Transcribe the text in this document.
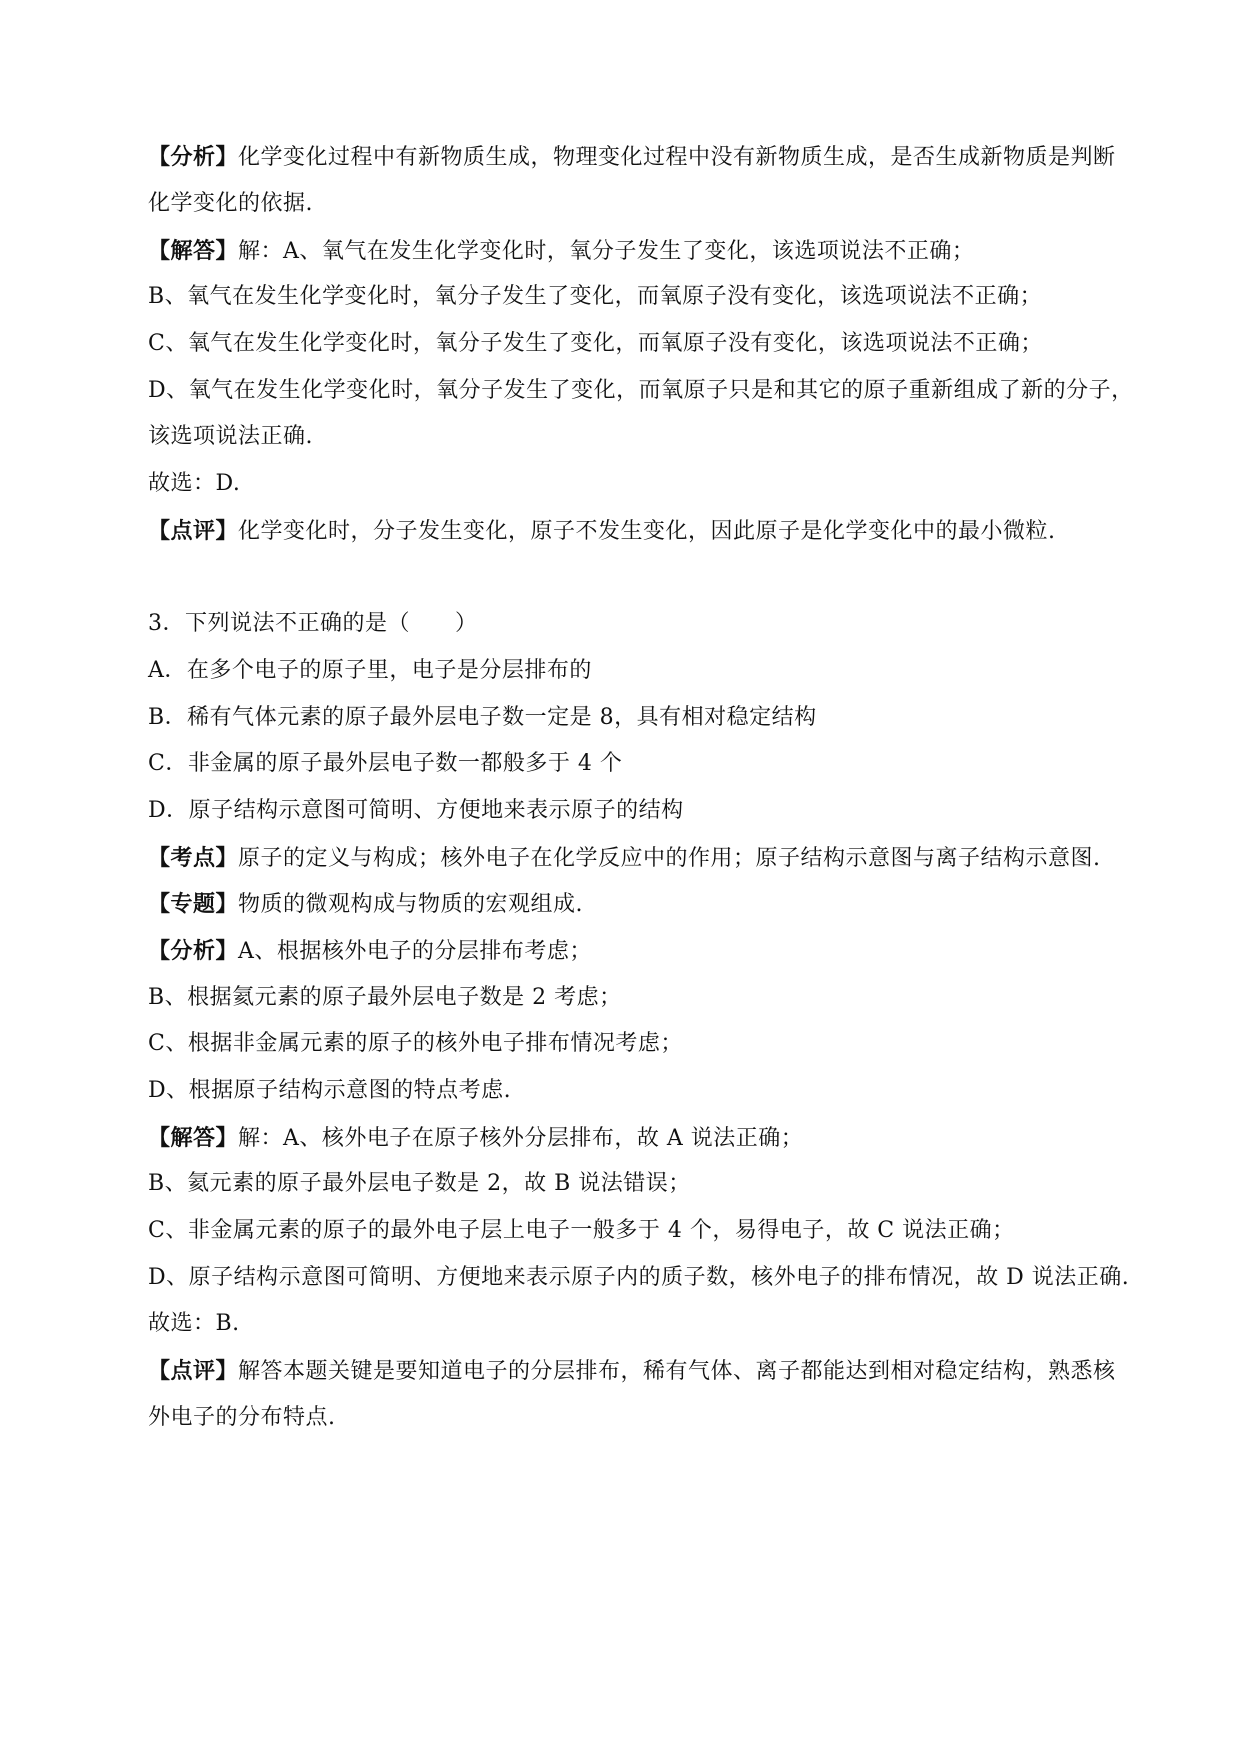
【分析】化学变化过程中有新物质生成，物理变化过程中没有新物质生成，是否生成新物质是判断
化学变化的依据.
【解答】解：A、氧气在发生化学变化时，氧分子发生了变化，该选项说法不正确；
B、氧气在发生化学变化时，氧分子发生了变化，而氧原子没有变化，该选项说法不正确；
C、氧气在发生化学变化时，氧分子发生了变化，而氧原子没有变化，该选项说法不正确；
D、氧气在发生化学变化时，氧分子发生了变化，而氧原子只是和其它的原子重新组成了新的分子，
该选项说法正确.
故选：D.
【点评】化学变化时，分子发生变化，原子不发生变化，因此原子是化学变化中的最小微粒.
3．下列说法不正确的是（　　）
A．在多个电子的原子里，电子是分层排布的
B．稀有气体元素的原子最外层电子数一定是 8，具有相对稳定结构
C．非金属的原子最外层电子数一都般多于 4 个
D．原子结构示意图可简明、方便地来表示原子的结构
【考点】原子的定义与构成；核外电子在化学反应中的作用；原子结构示意图与离子结构示意图.
【专题】物质的微观构成与物质的宏观组成.
【分析】A、根据核外电子的分层排布考虑；
B、根据氦元素的原子最外层电子数是 2 考虑；
C、根据非金属元素的原子的核外电子排布情况考虑；
D、根据原子结构示意图的特点考虑.
【解答】解：A、核外电子在原子核外分层排布，故 A 说法正确；
B、氦元素的原子最外层电子数是 2，故 B 说法错误；
C、非金属元素的原子的最外电子层上电子一般多于 4 个，易得电子，故 C 说法正确；
D、原子结构示意图可简明、方便地来表示原子内的质子数，核外电子的排布情况，故 D 说法正确.
故选：B.
【点评】解答本题关键是要知道电子的分层排布，稀有气体、离子都能达到相对稳定结构，熟悉核
外电子的分布特点.
